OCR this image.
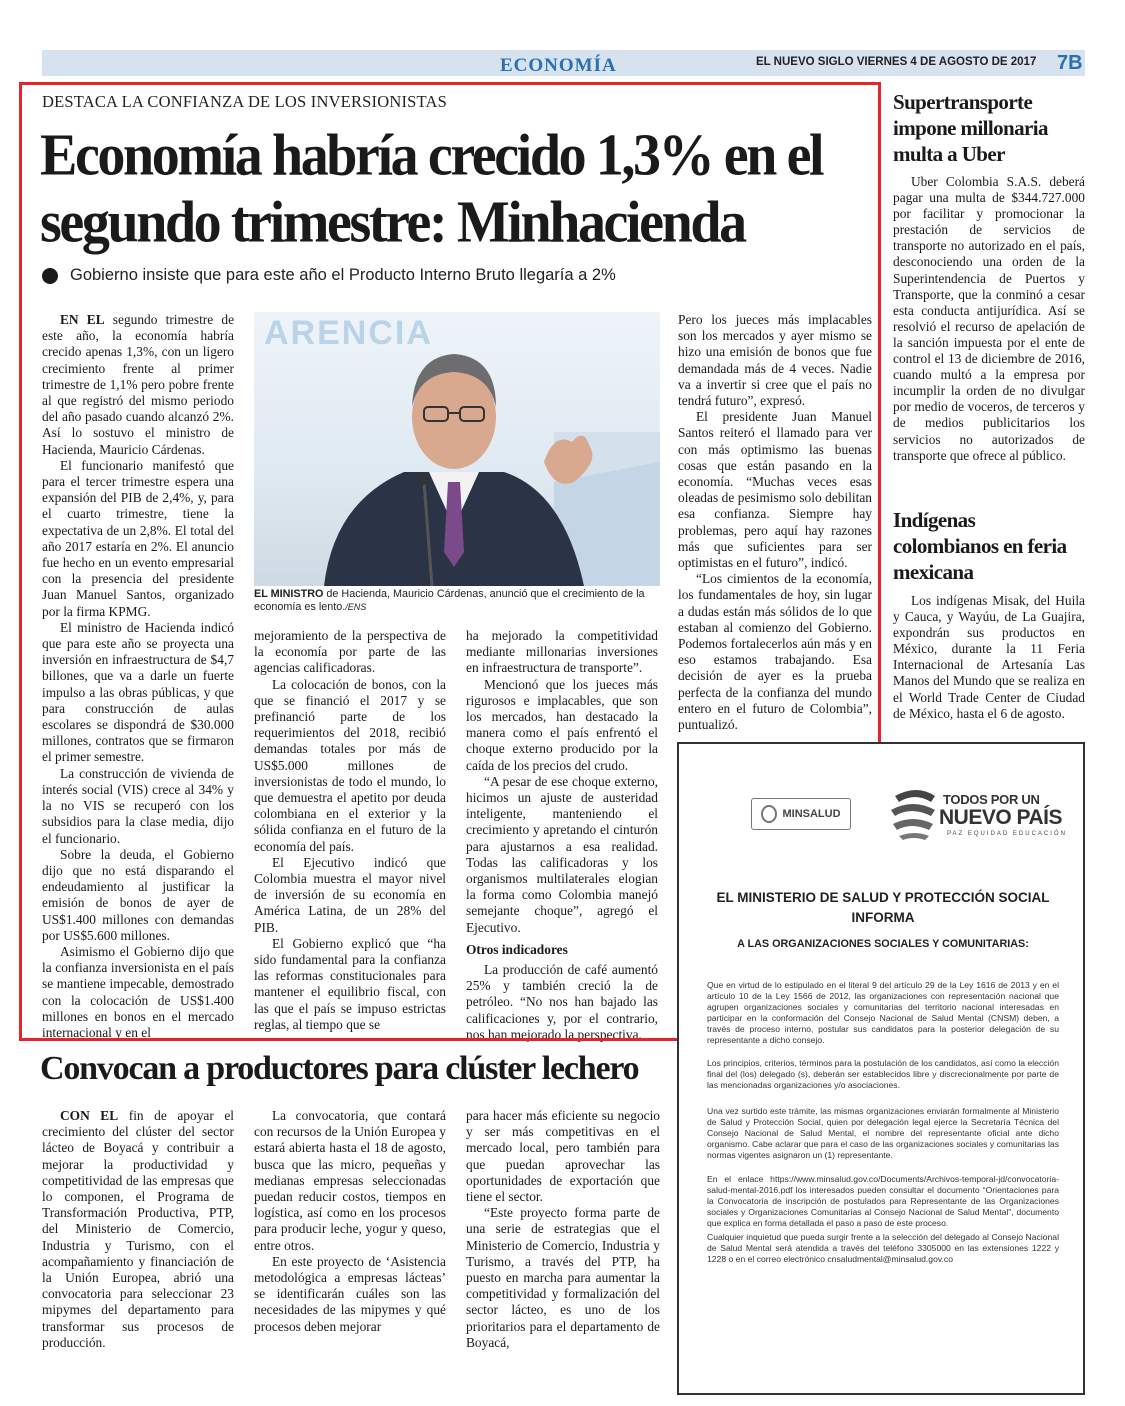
ECONOMÍA	EL NUEVO SIGLO VIERNES 4 DE AGOSTO DE 2017 7B
DESTACA LA CONFIANZA DE LOS INVERSIONISTAS
Economía habría crecido 1,3% en el segundo trimestre: Minhacienda
Gobierno insiste que para este año el Producto Interno Bruto llegaría a 2%

EN EL segundo trimestre de este año, la economía habría crecido apenas 1,3%, con un ligero crecimiento frente al primer trimestre de 1,1% pero pobre frente al que registró del mismo periodo del año pasado cuando alcanzó 2%. Así lo sostuvo el ministro de Hacienda, Mauricio Cárdenas.

El funcionario manifestó que para el tercer trimestre espera una expansión del PIB de 2,4%, y, para el cuarto trimestre, tiene la expectativa de un 2,8%. El total del año 2017 estaría en 2%. El anuncio fue hecho en un evento empresarial con la presencia del presidente Juan Manuel Santos, organizado por la firma KPMG.

El ministro de Hacienda indicó que para este año se proyecta una inversión en infraestructura de $4,7 billones, que va a darle un fuerte impulso a las obras públicas, y que para construcción de aulas escolares se dispondrá de $30.000 millones, contratos que se firmaron el primer semestre.

La construcción de vivienda de interés social (VIS) crece al 34% y la no VIS se recuperó con los subsidios para la clase media, dijo el funcionario.

Sobre la deuda, el Gobierno dijo que no está disparando el endeudamiento al justificar la emisión de bonos de ayer de US$1.400 millones con demandas por US$5.600 millones.

Asimismo el Gobierno dijo que la confianza inversionista en el país se mantiene impecable, demostrado con la colocación de US$1.400 millones en bonos en el mercado internacional y en el

ARENCIA
EL MINISTRO de Hacienda, Mauricio Cárdenas, anunció que el crecimiento de la economía es lento./ENS

mejoramiento de la perspectiva de la economía por parte de las agencias calificadoras.

La colocación de bonos, con la que se financió el 2017 y se prefinanció parte de los requerimientos del 2018, recibió demandas totales por más de US$5.000 millones de inversionistas de todo el mundo, lo que demuestra el apetito por deuda colombiana en el exterior y la sólida confianza en el futuro de la economía del país.

El Ejecutivo indicó que Colombia muestra el mayor nivel de inversión de su economía en América Latina, de un 28% del PIB.

El Gobierno explicó que “ha sido fundamental para la confianza las reformas constitucionales para mantener el equilibrio fiscal, con las que el país se impuso estrictas reglas, al tiempo que se

ha mejorado la competitividad mediante millonarias inversiones en infraestructura de transporte”.

Mencionó que los jueces más rigurosos e implacables, que son los mercados, han destacado la manera como el país enfrentó el choque externo producido por la caída de los precios del crudo.

“A pesar de ese choque externo, hicimos un ajuste de austeridad inteligente, manteniendo el crecimiento y apretando el cinturón para ajustarnos a esa realidad. Todas las calificadoras y los organismos multilaterales elogian la forma como Colombia manejó semejante choque”, agregó el Ejecutivo.

Otros indicadores

La producción de café aumentó 25% y también creció la de petróleo. “No nos han bajado las calificaciones y, por el contrario, nos han mejorado la perspectiva.

Pero los jueces más implacables son los mercados y ayer mismo se hizo una emisión de bonos que fue demandada más de 4 veces. Nadie va a invertir si cree que el país no tendrá futuro”, expresó.

El presidente Juan Manuel Santos reiteró el llamado para ver con más optimismo las buenas cosas que están pasando en la economía. “Muchas veces esas oleadas de pesimismo solo debilitan esa confianza. Siempre hay problemas, pero aquí hay razones más que suficientes para ser optimistas en el futuro”, indicó.

“Los cimientos de la economía, los fundamentales de hoy, sin lugar a dudas están más sólidos de lo que estaban al comienzo del Gobierno. Podemos fortalecerlos aún más y en eso estamos trabajando. Esa decisión de ayer es la prueba perfecta de la confianza del mundo entero en el futuro de Colombia”, puntualizó.

Supertransporte impone millonaria multa a Uber

Uber Colombia S.A.S. deberá pagar una multa de $344.727.000 por facilitar y promocionar la prestación de servicios de transporte no autorizado en el país, desconociendo una orden de la Superintendencia de Puertos y Transporte, que la conminó a cesar esta conducta antijurídica. Así se resolvió el recurso de apelación de la sanción impuesta por el ente de control el 13 de diciembre de 2016, cuando multó a la empresa por incumplir la orden de no divulgar por medio de voceros, de terceros y de medios publicitarios los servicios no autorizados de transporte que ofrece al público.

Indígenas colombianos en feria mexicana

Los indígenas Misak, del Huila y Cauca, y Wayúu, de La Guajira, expondrán sus productos en México, durante la 11 Feria Internacional de Artesanía Las Manos del Mundo que se realiza en el World Trade Center de Ciudad de México, hasta el 6 de agosto.

MINSALUD
TODOS POR UN
NUEVO PAÍS
PAZ EQUIDAD EDUCACIÓN
EL MINISTERIO DE SALUD Y PROTECCIÓN SOCIAL INFORMA
A LAS ORGANIZACIONES SOCIALES Y COMUNITARIAS:
Que en virtud de lo estipulado en el literal 9 del artículo 29 de la Ley 1616 de 2013 y en el artículo 10 de la Ley 1566 de 2012, las organizaciones con representación nacional que agrupen organizaciones sociales y comunitarias del territorio nacional interesadas en participar en la conformación del Consejo Nacional de Salud Mental (CNSM) deben, a través de proceso interno, postular sus candidatos para la posterior delegación de su representante a dicho consejo.
Los principios, criterios, términos para la postulación de los candidatos, así como la elección final del (los) delegado (s), deberán ser establecidos libre y discrecionalmente por parte de las mencionadas organizaciones y/o asociaciones.
Una vez surtido este trámite, las mismas organizaciones enviarán formalmente al Ministerio de Salud y Protección Social, quien por delegación legal ejerce la Secretaría Técnica del Consejo Nacional de Salud Mental, el nombre del representante oficial ante dicho organismo. Cabe aclarar que para el caso de las organizaciones sociales y comunitarias las normas vigentes asignaron un (1) representante.
En el enlace https://www.minsalud.gov.co/Documents/Archivos-temporal-jd/convocatoria-salud-mental-2016.pdf los interesados pueden consultar el documento “Orientaciones para la Convocatoria de inscripción de postulados para Representante de las Organizaciones sociales y Organizaciones Comunitarias al Consejo Nacional de Salud Mental”, documento que explica en forma detallada el paso a paso de este proceso.
Cualquier inquietud que pueda surgir frente a la selección del delegado al Consejo Nacional de Salud Mental será atendida a través del teléfono 3305000 en las extensiones 1222 y 1228 o en el correo electrónico cnsaludmental@minsalud.gov.co
Convocan a productores para clúster lechero

CON EL fin de apoyar el crecimiento del clúster del sector lácteo de Boyacá y contribuir a mejorar la productividad y competitividad de las empresas que lo componen, el Programa de Transformación Productiva, PTP, del Ministerio de Comercio, Industria y Turismo, con el acompañamiento y financiación de la Unión Europea, abrió una convocatoria para seleccionar 23 mipymes del departamento para transformar sus procesos de producción.

La convocatoria, que contará con recursos de la Unión Europea y estará abierta hasta el 18 de agosto, busca que las micro, pequeñas y medianas empresas seleccionadas puedan reducir costos, tiempos en logística, así como en los procesos para producir leche, yogur y queso, entre otros.

En este proyecto de ‘Asistencia metodológica a empresas lácteas’ se identificarán cuáles son las necesidades de las mipymes y qué procesos deben mejorar

para hacer más eficiente su negocio y ser más competitivas en el mercado local, pero también para que puedan aprovechar las oportunidades de exportación que tiene el sector.

“Este proyecto forma parte de una serie de estrategias que el Ministerio de Comercio, Industria y Turismo, a través del PTP, ha puesto en marcha para aumentar la competitividad y formalización del sector lácteo, es uno de los prioritarios para el departamento de Boyacá,
